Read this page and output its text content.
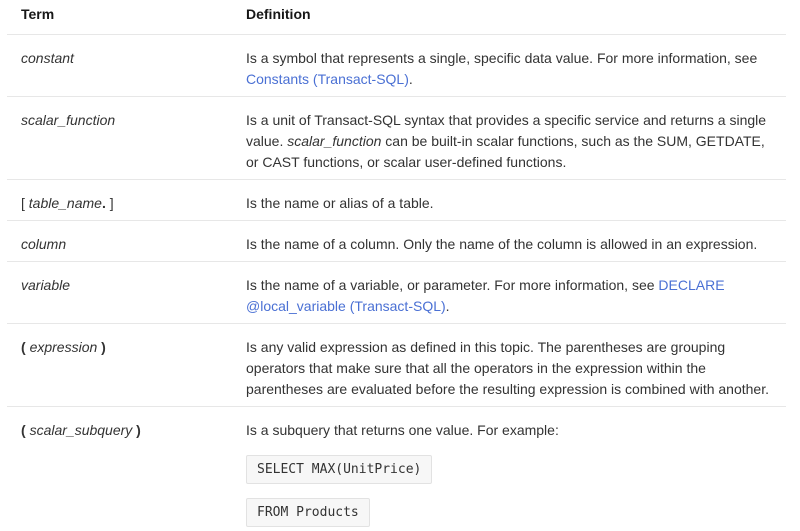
Term	Definition
constant	Is a symbol that represents a single, specific data value. For more information, see Constants (Transact-SQL).

scalar_function	Is a unit of Transact-SQL syntax that provides a specific service and returns a single value. scalar_function can be built-in scalar functions, such as the SUM, GETDATE, or CAST functions, or scalar user-defined functions.

[ table_name. ]	Is the name or alias of a table.

column	Is the name of a column. Only the name of the column is allowed in an expression.

variable	Is the name of a variable, or parameter. For more information, see DECLARE @local_variable (Transact-SQL).

( expression )	Is any valid expression as defined in this topic. The parentheses are grouping operators that make sure that all the operators in the expression within the parentheses are evaluated before the resulting expression is combined with another.

( scalar_subquery )	Is a subquery that returns one value. For example:

SELECT MAX(UnitPrice)
FROM Products
